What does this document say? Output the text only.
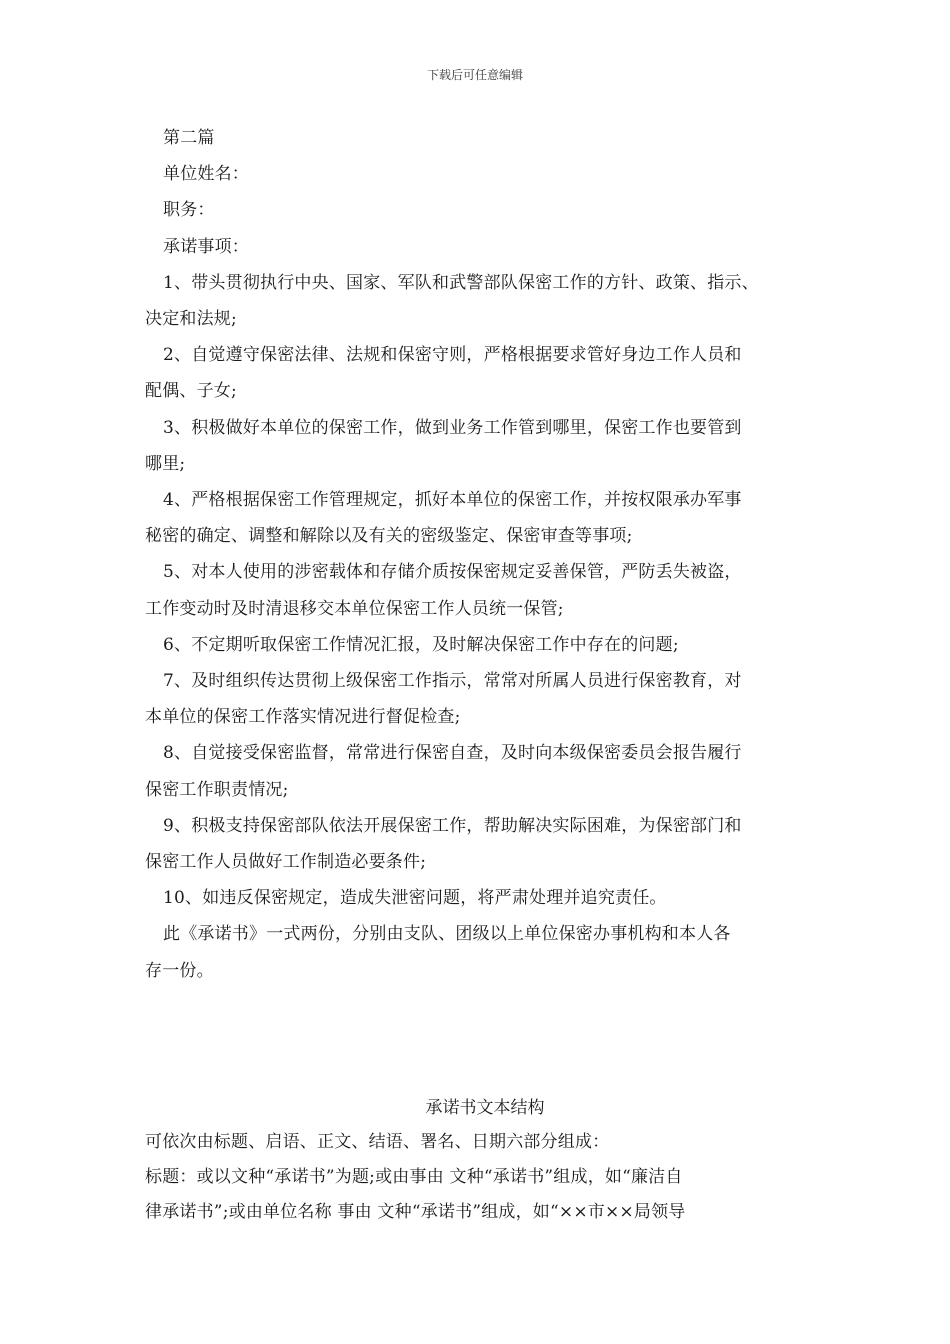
下载后可任意编辑

第二篇

单位姓名：

职务：

承诺事项：

1、带头贯彻执行中央、国家、军队和武警部队保密工作的方针、政策、指示、

决定和法规;

2、自觉遵守保密法律、法规和保密守则，严格根据要求管好身边工作人员和

配偶、子女;

3、积极做好本单位的保密工作，做到业务工作管到哪里，保密工作也要管到

哪里;

4、严格根据保密工作管理规定，抓好本单位的保密工作，并按权限承办军事

秘密的确定、调整和解除以及有关的密级鉴定、保密审查等事项;

5、对本人使用的涉密载体和存储介质按保密规定妥善保管，严防丢失被盗，

工作变动时及时清退移交本单位保密工作人员统一保管;

6、不定期听取保密工作情况汇报，及时解决保密工作中存在的问题;

7、及时组织传达贯彻上级保密工作指示，常常对所属人员进行保密教育，对

本单位的保密工作落实情况进行督促检查;

8、自觉接受保密监督，常常进行保密自查，及时向本级保密委员会报告履行

保密工作职责情况;

9、积极支持保密部队依法开展保密工作，帮助解决实际困难，为保密部门和

保密工作人员做好工作制造必要条件;

10、如违反保密规定，造成失泄密问题，将严肃处理并追究责任。

此《承诺书》一式两份，分别由支队、团级以上单位保密办事机构和本人各

存一份。

承诺书文本结构

可依次由标题、启语、正文、结语、署名、日期六部分组成：

标题：或以文种“承诺书”为题;或由事由 文种“承诺书”组成，如“廉洁自

律承诺书”;或由单位名称 事由 文种“承诺书”组成，如“××市××局领导
